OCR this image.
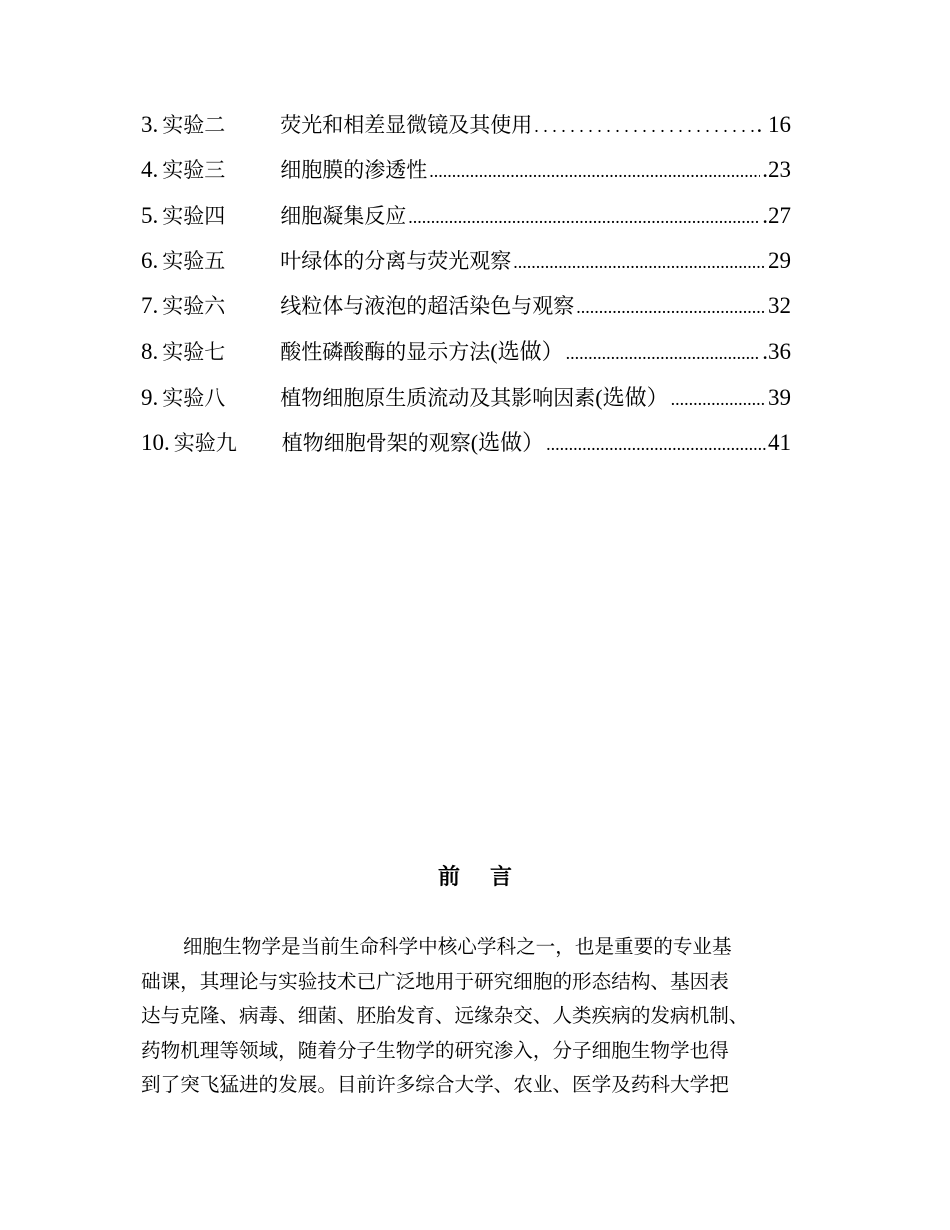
3. 实验二	荧光和相差显微镜及其使用 . . .	. 16
4. 实验三	细胞膜的渗透性 .....	.23
5. 实验四	细胞凝集反应 .....	.27
6. 实验五	叶绿体的分离与荧光观察 .....	29
7. 实验六	线粒体与液泡的超活染色与观察 .....	32
8. 实验七	酸性磷酸酶的显示方法 (选做） .....	.36
9. 实验八	植物细胞原生质流动及其影响因素 (选做） .....	39
10. 实验九	植物细胞骨架的观察 (选做） .....	41
前言
细胞生物学是当前生命科学中核心学科之一，也是重要的专业基
础课，其理论与实验技术已广泛地用于研究细胞的形态结构、基因表
达与克隆、病毒、细菌、胚胎发育、远缘杂交、人类疾病的发病机制、
药物机理等领域，随着分子生物学的研究渗入，分子细胞生物学也得
到了突飞猛进的发展。目前许多综合大学、农业、医学及药科大学把
